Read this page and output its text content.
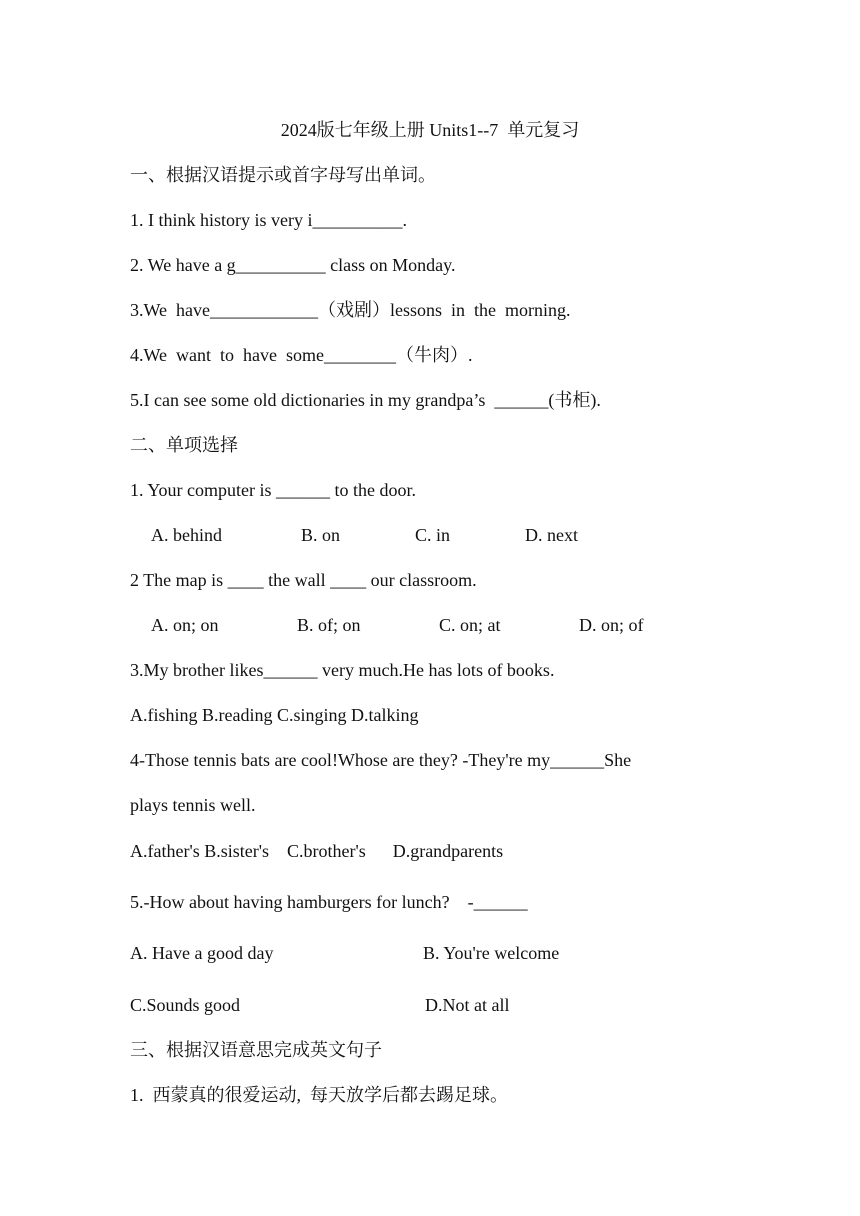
2024版七年级上册 Units1--7  单元复习
一、根据汉语提示或首字母写出单词。
1. I think history is very i__________.
2. We have a g__________ class on Monday.
3.We  have____________（戏剧）lessons  in  the  morning.
4.We  want  to  have  some________（牛肉）.
5.I can see some old dictionaries in my grandpa’s  ______(书柜).
二、单项选择
1. Your computer is ______ to the door.
A. behind	B. on	C. in	D. next
2 The map is ____ the wall ____ our classroom.
A. on; on	B. of; on	C. on; at	D. on; of
3.My brother likes______ very much.He has lots of books.
A.fishing B.reading C.singing D.talking
4-Those tennis bats are cool!Whose are they? -They're my______She
plays tennis well.
A.father's B.sister's    C.brother's      D.grandparents
5.-How about having hamburgers for lunch?    -______
A. Have a good day	B. You're welcome
C.Sounds good	D.Not at all
三、根据汉语意思完成英文句子
1.  西蒙真的很爱运动,  每天放学后都去踢足球。
